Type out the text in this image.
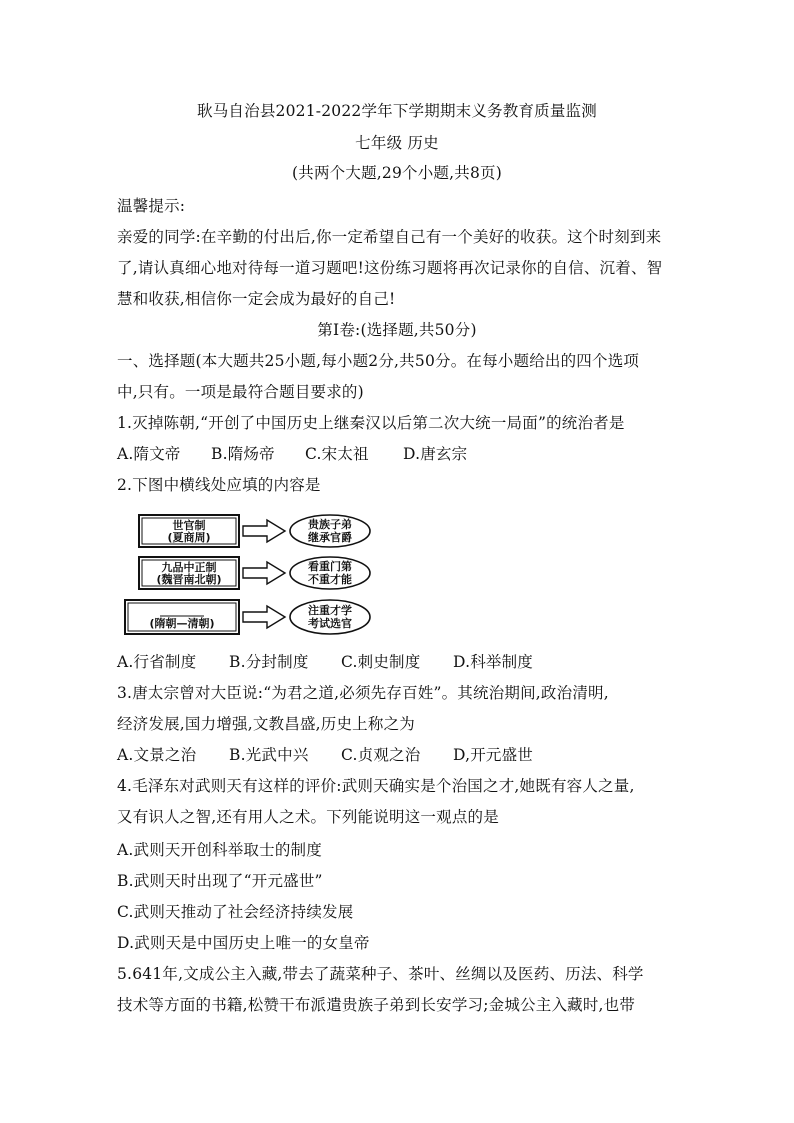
耿马自治县2021-2022学年下学期期末义务教育质量监测
七年级 历史
(共两个大题,29个小题,共8页)
温馨提示:
亲爱的同学:在辛勤的付出后,你一定希望自己有一个美好的收获。这个时刻到来
了,请认真细心地对待每一道习题吧!这份练习题将再次记录你的自信、沉着、智
慧和收获,相信你一定会成为最好的自己!
第Ⅰ卷:(选择题,共50分)
一、选择题(本大题共25小题,每小题2分,共50分。在每小题给出的四个选项
中,只有。一项是最符合题目要求的)
1.灭掉陈朝,“开创了中国历史上继秦汉以后第二次大统一局面”的统治者是
A.隋文帝 B.隋炀帝 C.宋太祖 D.唐玄宗
2.下图中横线处应填的内容是
世官制
(夏商周)
贵族子弟
继承官爵
九品中正制
(魏晋南北朝)
看重门第
不重才能
________
(隋朝—清朝)
注重才学
考试选官
A.行省制度 B.分封制度 C.刺史制度 D.科举制度
3.唐太宗曾对大臣说:“为君之道,必须先存百姓”。其统治期间,政治清明,
经济发展,国力增强,文教昌盛,历史上称之为
A.文景之治 B.光武中兴 C.贞观之治 D,开元盛世
4.毛泽东对武则天有这样的评价:武则天确实是个治国之才,她既有容人之量,
又有识人之智,还有用人之术。下列能说明这一观点的是
A.武则天开创科举取士的制度
B.武则天时出现了“开元盛世”
C.武则天推动了社会经济持续发展
D.武则天是中国历史上唯一的女皇帝
5.641年,文成公主入藏,带去了蔬菜种子、茶叶、丝绸以及医药、历法、科学
技术等方面的书籍,松赞干布派遣贵族子弟到长安学习;金城公主入藏时,也带
